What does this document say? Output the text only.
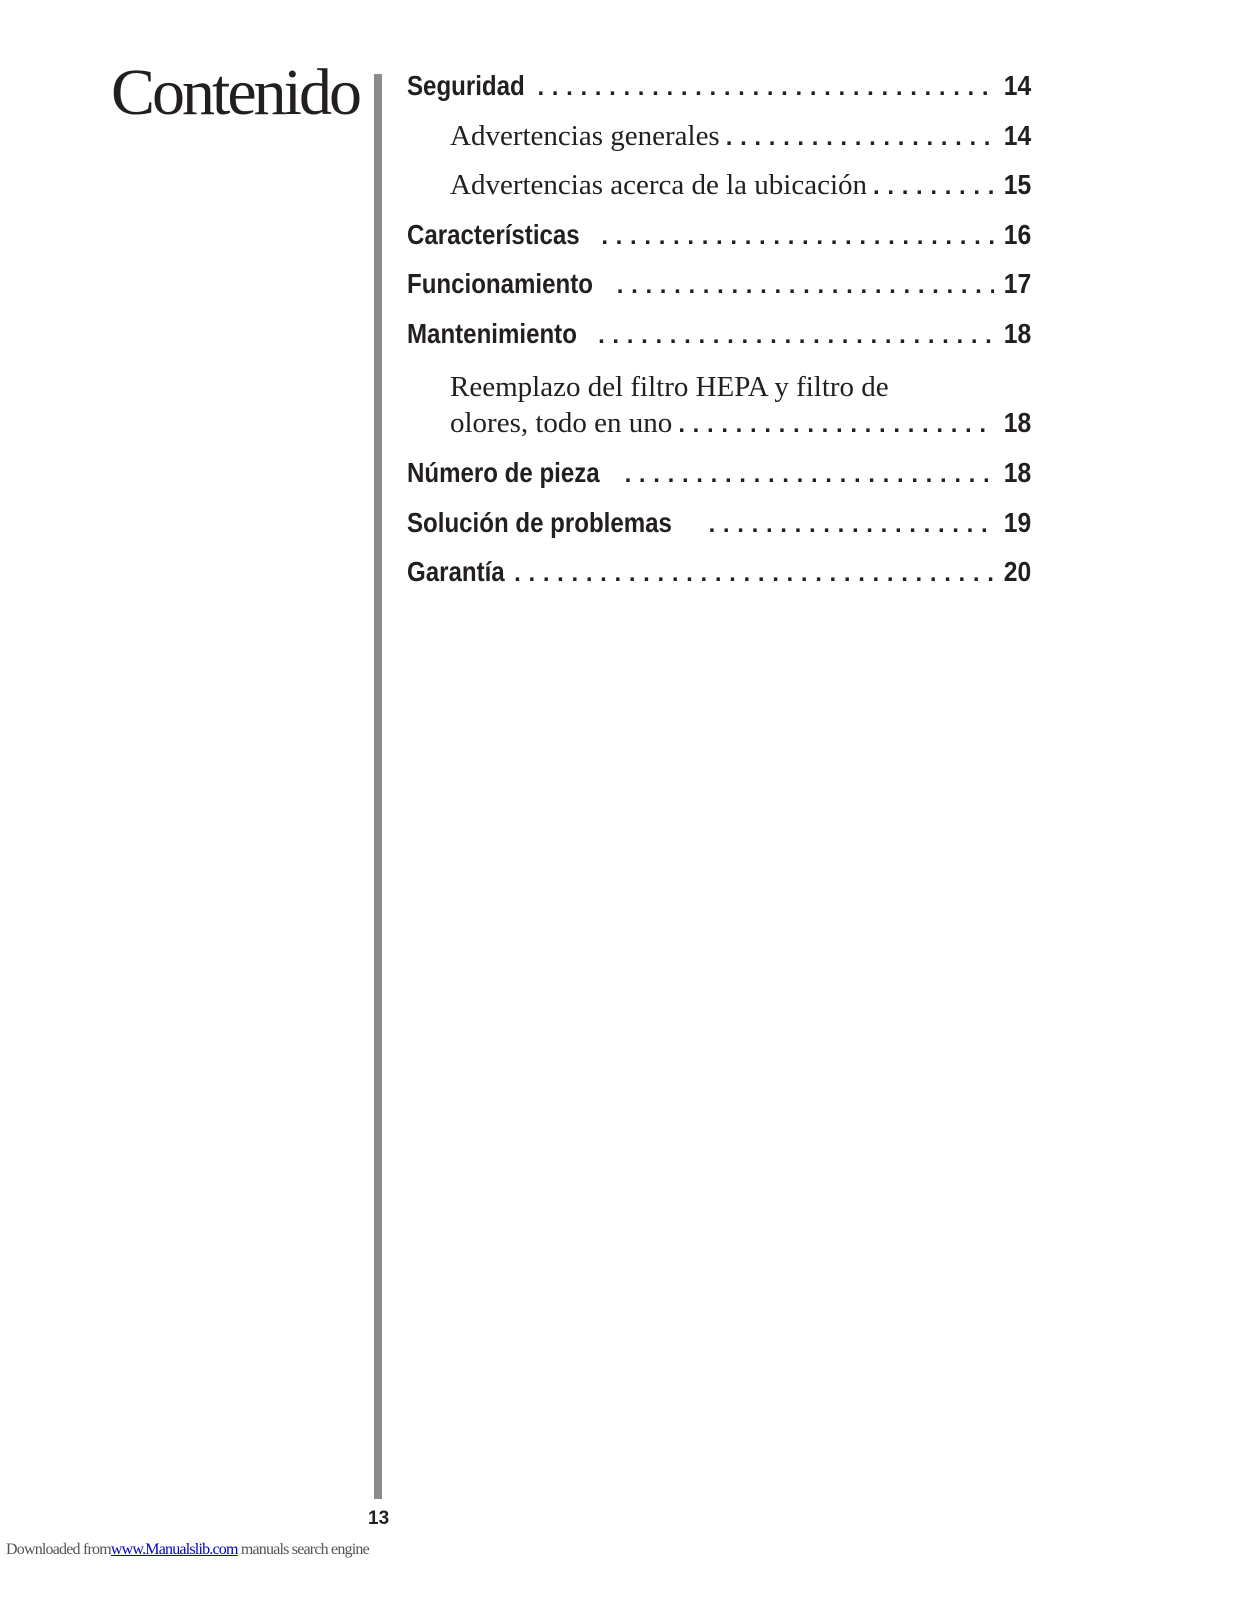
Contenido Seguridad . . .	14
Advertencias generales . . .	14
Advertencias acerca de la ubicación . . .	15
Características . . .	16
Funcionamiento . . .	17
Mantenimiento . . .	18
Reemplazo del filtro HEPA y filtro de
olores, todo en uno . . .	18
Número de pieza . . .	18
Solución de problemas . . .	19
Garantía . . .	20
13
Downloaded fromwww.Manualslib.com manuals search engine
